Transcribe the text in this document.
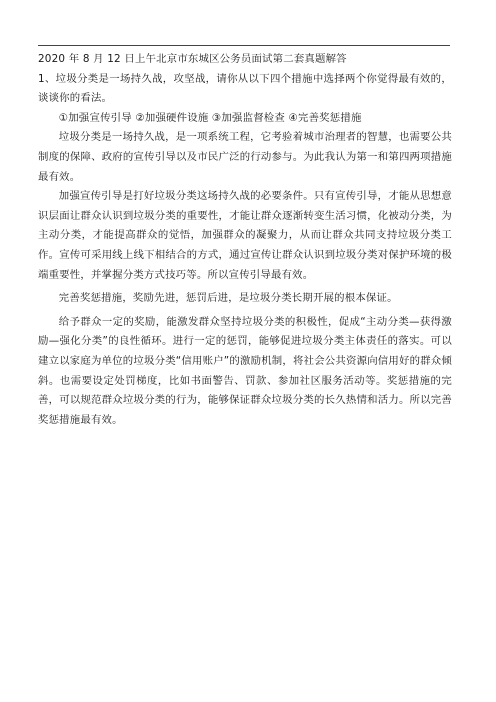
2020 年 8 月 12 日上午北京市东城区公务员面试第二套真题解答

1、垃圾分类是一场持久战，攻坚战，请你从以下四个措施中选择两个你觉得最有效的，谈谈你的看法。

①加强宣传引导 ②加强硬件设施 ③加强监督检查 ④完善奖惩措施

垃圾分类是一场持久战，是一项系统工程，它考验着城市治理者的智慧，也需要公共制度的保障、政府的宣传引导以及市民广泛的行动参与。为此我认为第一和第四两项措施最有效。

加强宣传引导是打好垃圾分类这场持久战的必要条件。只有宣传引导，才能从思想意识层面让群众认识到垃圾分类的重要性，才能让群众逐渐转变生活习惯，化被动分类，为主动分类，才能提高群众的觉悟，加强群众的凝聚力，从而让群众共同支持垃圾分类工作。宣传可采用线上线下相结合的方式，通过宣传让群众认识到垃圾分类对保护环境的极端重要性，并掌握分类方式技巧等。所以宣传引导最有效。

完善奖惩措施，奖励先进，惩罚后进，是垃圾分类长期开展的根本保证。

给予群众一定的奖励，能激发群众坚持垃圾分类的积极性，促成“主动分类—获得激励—强化分类”的良性循环。进行一定的惩罚，能够促进垃圾分类主体责任的落实。可以建立以家庭为单位的垃圾分类“信用账户”的激励机制，将社会公共资源向信用好的群众倾斜。也需要设定处罚梯度，比如书面警告、罚款、参加社区服务活动等。奖惩措施的完善，可以规范群众垃圾分类的行为，能够保证群众垃圾分类的长久热情和活力。所以完善奖惩措施最有效。
